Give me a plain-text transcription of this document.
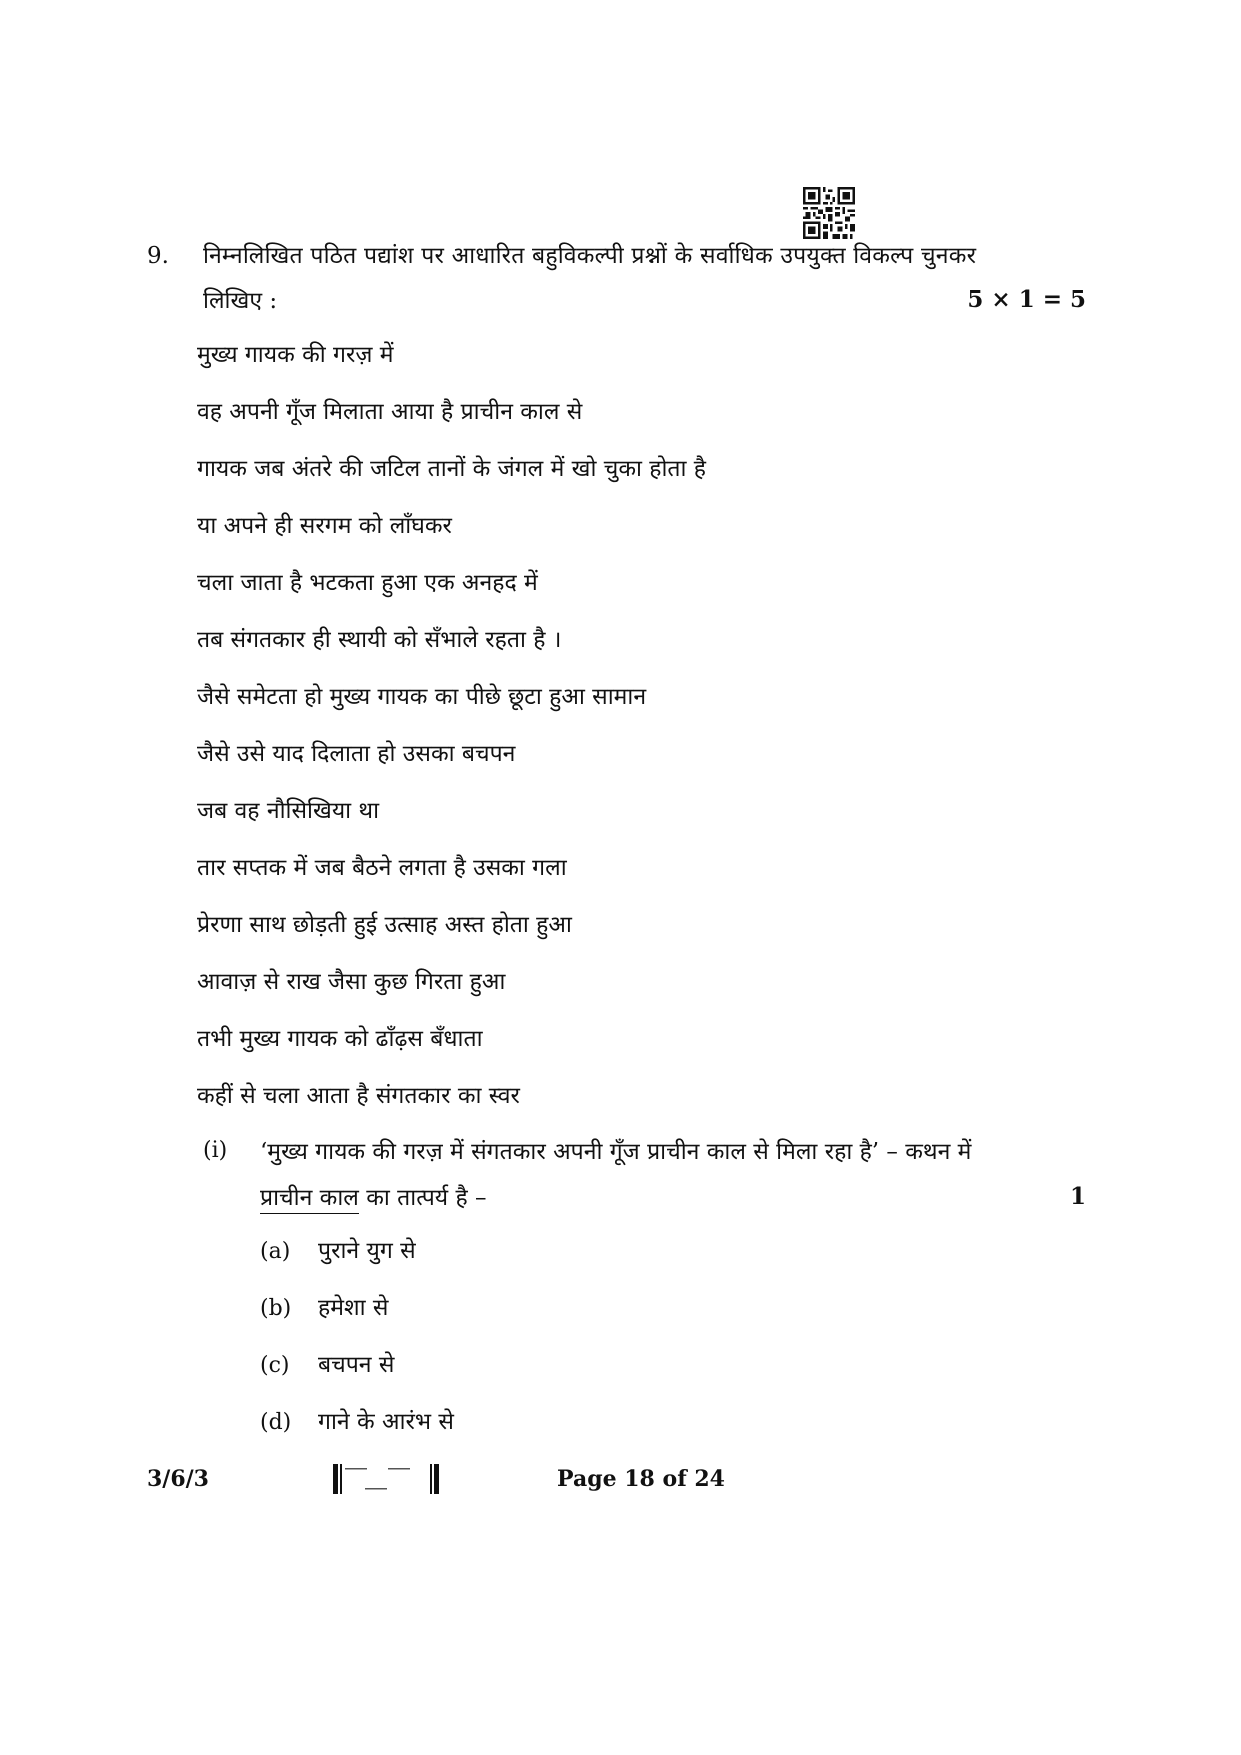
9. निम्नलिखित पठित पद्यांश पर आधारित बहुविकल्पी प्रश्नों के सर्वाधिक उपयुक्त विकल्प चुनकर
लिखिए :	5 × 1 = 5
मुख्य गायक की गरज़ में
वह अपनी गूँज मिलाता आया है प्राचीन काल से
गायक जब अंतरे की जटिल तानों के जंगल में खो चुका होता है
या अपने ही सरगम को लाँघकर
चला जाता है भटकता हुआ एक अनहद में
तब संगतकार ही स्थायी को सँभाले रहता है ।
जैसे समेटता हो मुख्य गायक का पीछे छूटा हुआ सामान
जैसे उसे याद दिलाता हो उसका बचपन
जब वह नौसिखिया था
तार सप्तक में जब बैठने लगता है उसका गला
प्रेरणा साथ छोड़ती हुई उत्साह अस्त होता हुआ
आवाज़ से राख जैसा कुछ गिरता हुआ
तभी मुख्य गायक को ढाँढ़स बँधाता
कहीं से चला आता है संगतकार का स्वर
(i) ‘मुख्य गायक की गरज़ में संगतकार अपनी गूँज प्राचीन काल से मिला रहा है’ – कथन में
प्राचीन काल का तात्पर्य है –	1
(a) पुराने युग से
(b) हमेशा से
(c) बचपन से
(d) गाने के आरंभ से
3/6/3	Page 18 of 24
